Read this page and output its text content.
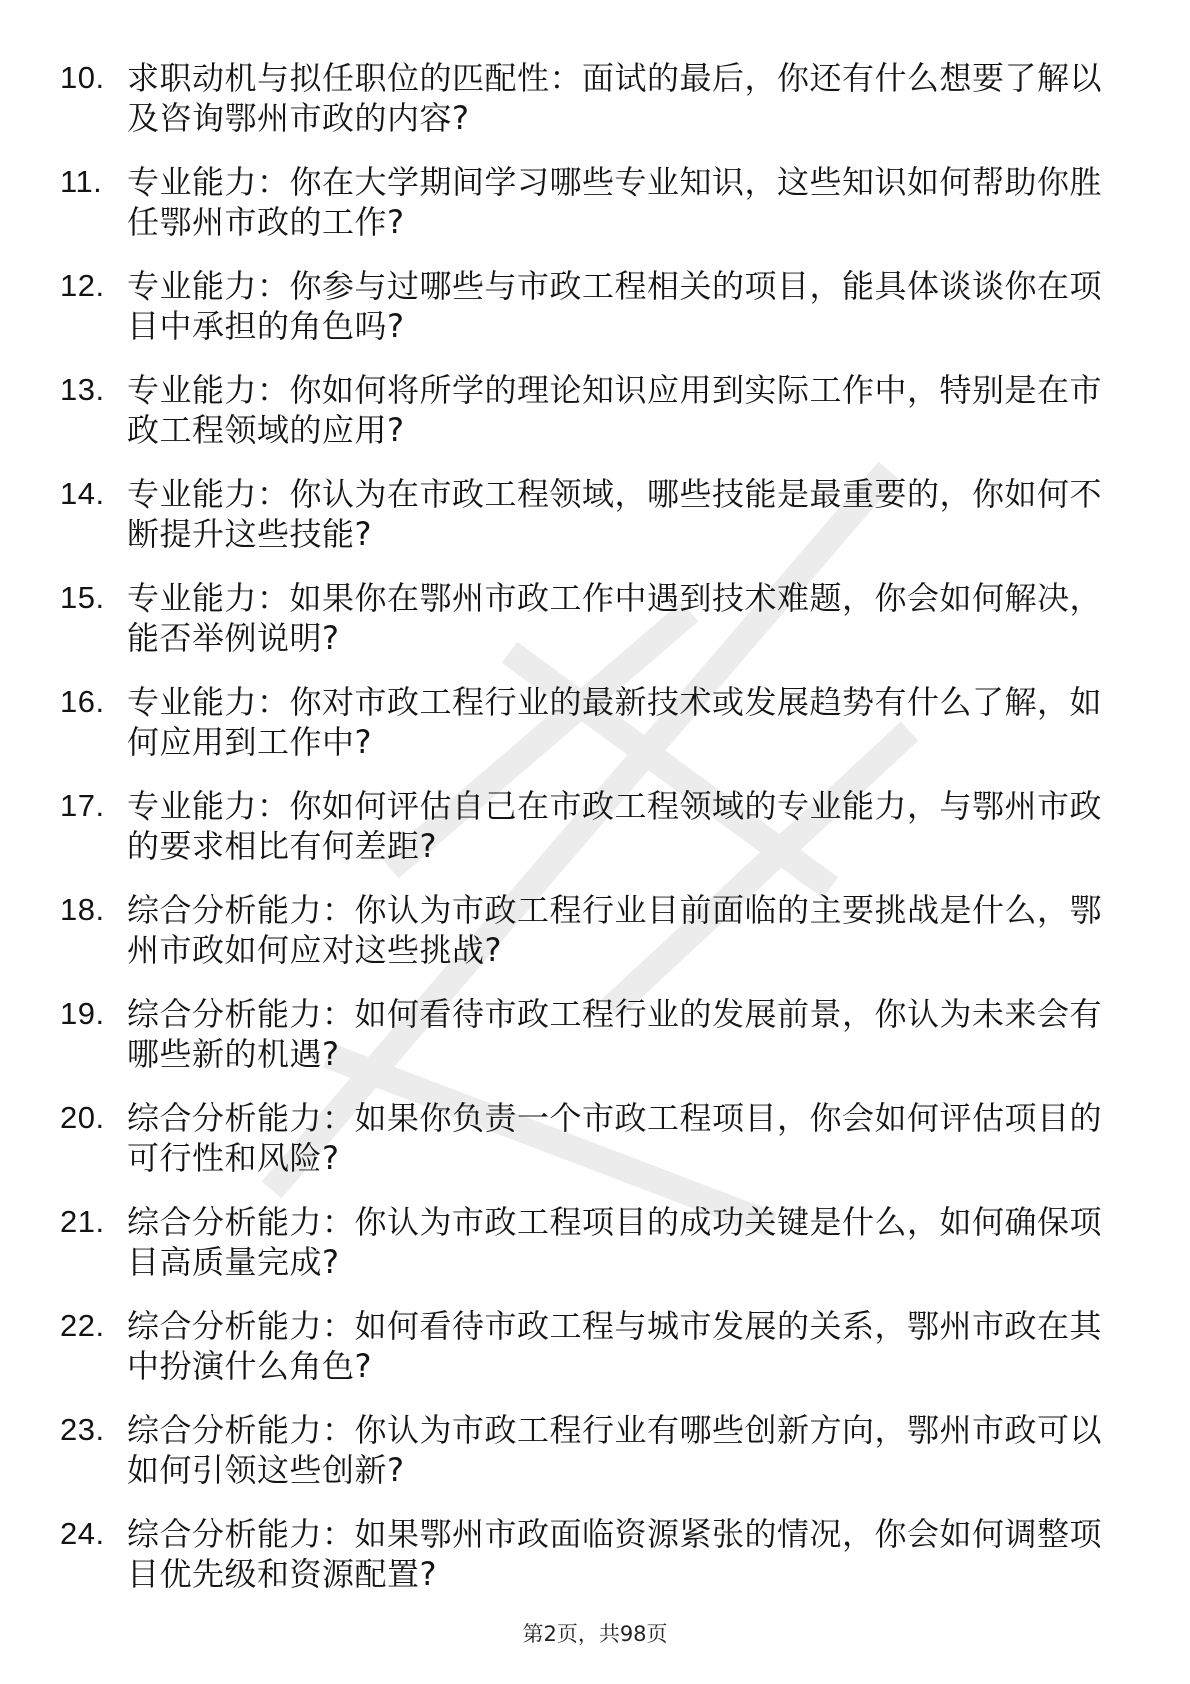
10. 求职动机与拟任职位的匹配性：面试的最后，你还有什么想要了解以及咨询鄂州市政的内容?
11. 专业能力：你在大学期间学习哪些专业知识，这些知识如何帮助你胜任鄂州市政的工作?
12. 专业能力：你参与过哪些与市政工程相关的项目，能具体谈谈你在项目中承担的角色吗?
13. 专业能力：你如何将所学的理论知识应用到实际工作中，特别是在市政工程领域的应用?
14. 专业能力：你认为在市政工程领域，哪些技能是最重要的，你如何不断提升这些技能?
15. 专业能力：如果你在鄂州市政工作中遇到技术难题，你会如何解决，能否举例说明?
16. 专业能力：你对市政工程行业的最新技术或发展趋势有什么了解，如何应用到工作中?
17. 专业能力：你如何评估自己在市政工程领域的专业能力，与鄂州市政的要求相比有何差距?
18. 综合分析能力：你认为市政工程行业目前面临的主要挑战是什么，鄂州市政如何应对这些挑战?
19. 综合分析能力：如何看待市政工程行业的发展前景，你认为未来会有哪些新的机遇?
20. 综合分析能力：如果你负责一个市政工程项目，你会如何评估项目的可行性和风险?
21. 综合分析能力：你认为市政工程项目的成功关键是什么，如何确保项目高质量完成?
22. 综合分析能力：如何看待市政工程与城市发展的关系，鄂州市政在其中扮演什么角色?
23. 综合分析能力：你认为市政工程行业有哪些创新方向，鄂州市政可以如何引领这些创新?
24. 综合分析能力：如果鄂州市政面临资源紧张的情况，你会如何调整项目优先级和资源配置?
第2页，共98页
